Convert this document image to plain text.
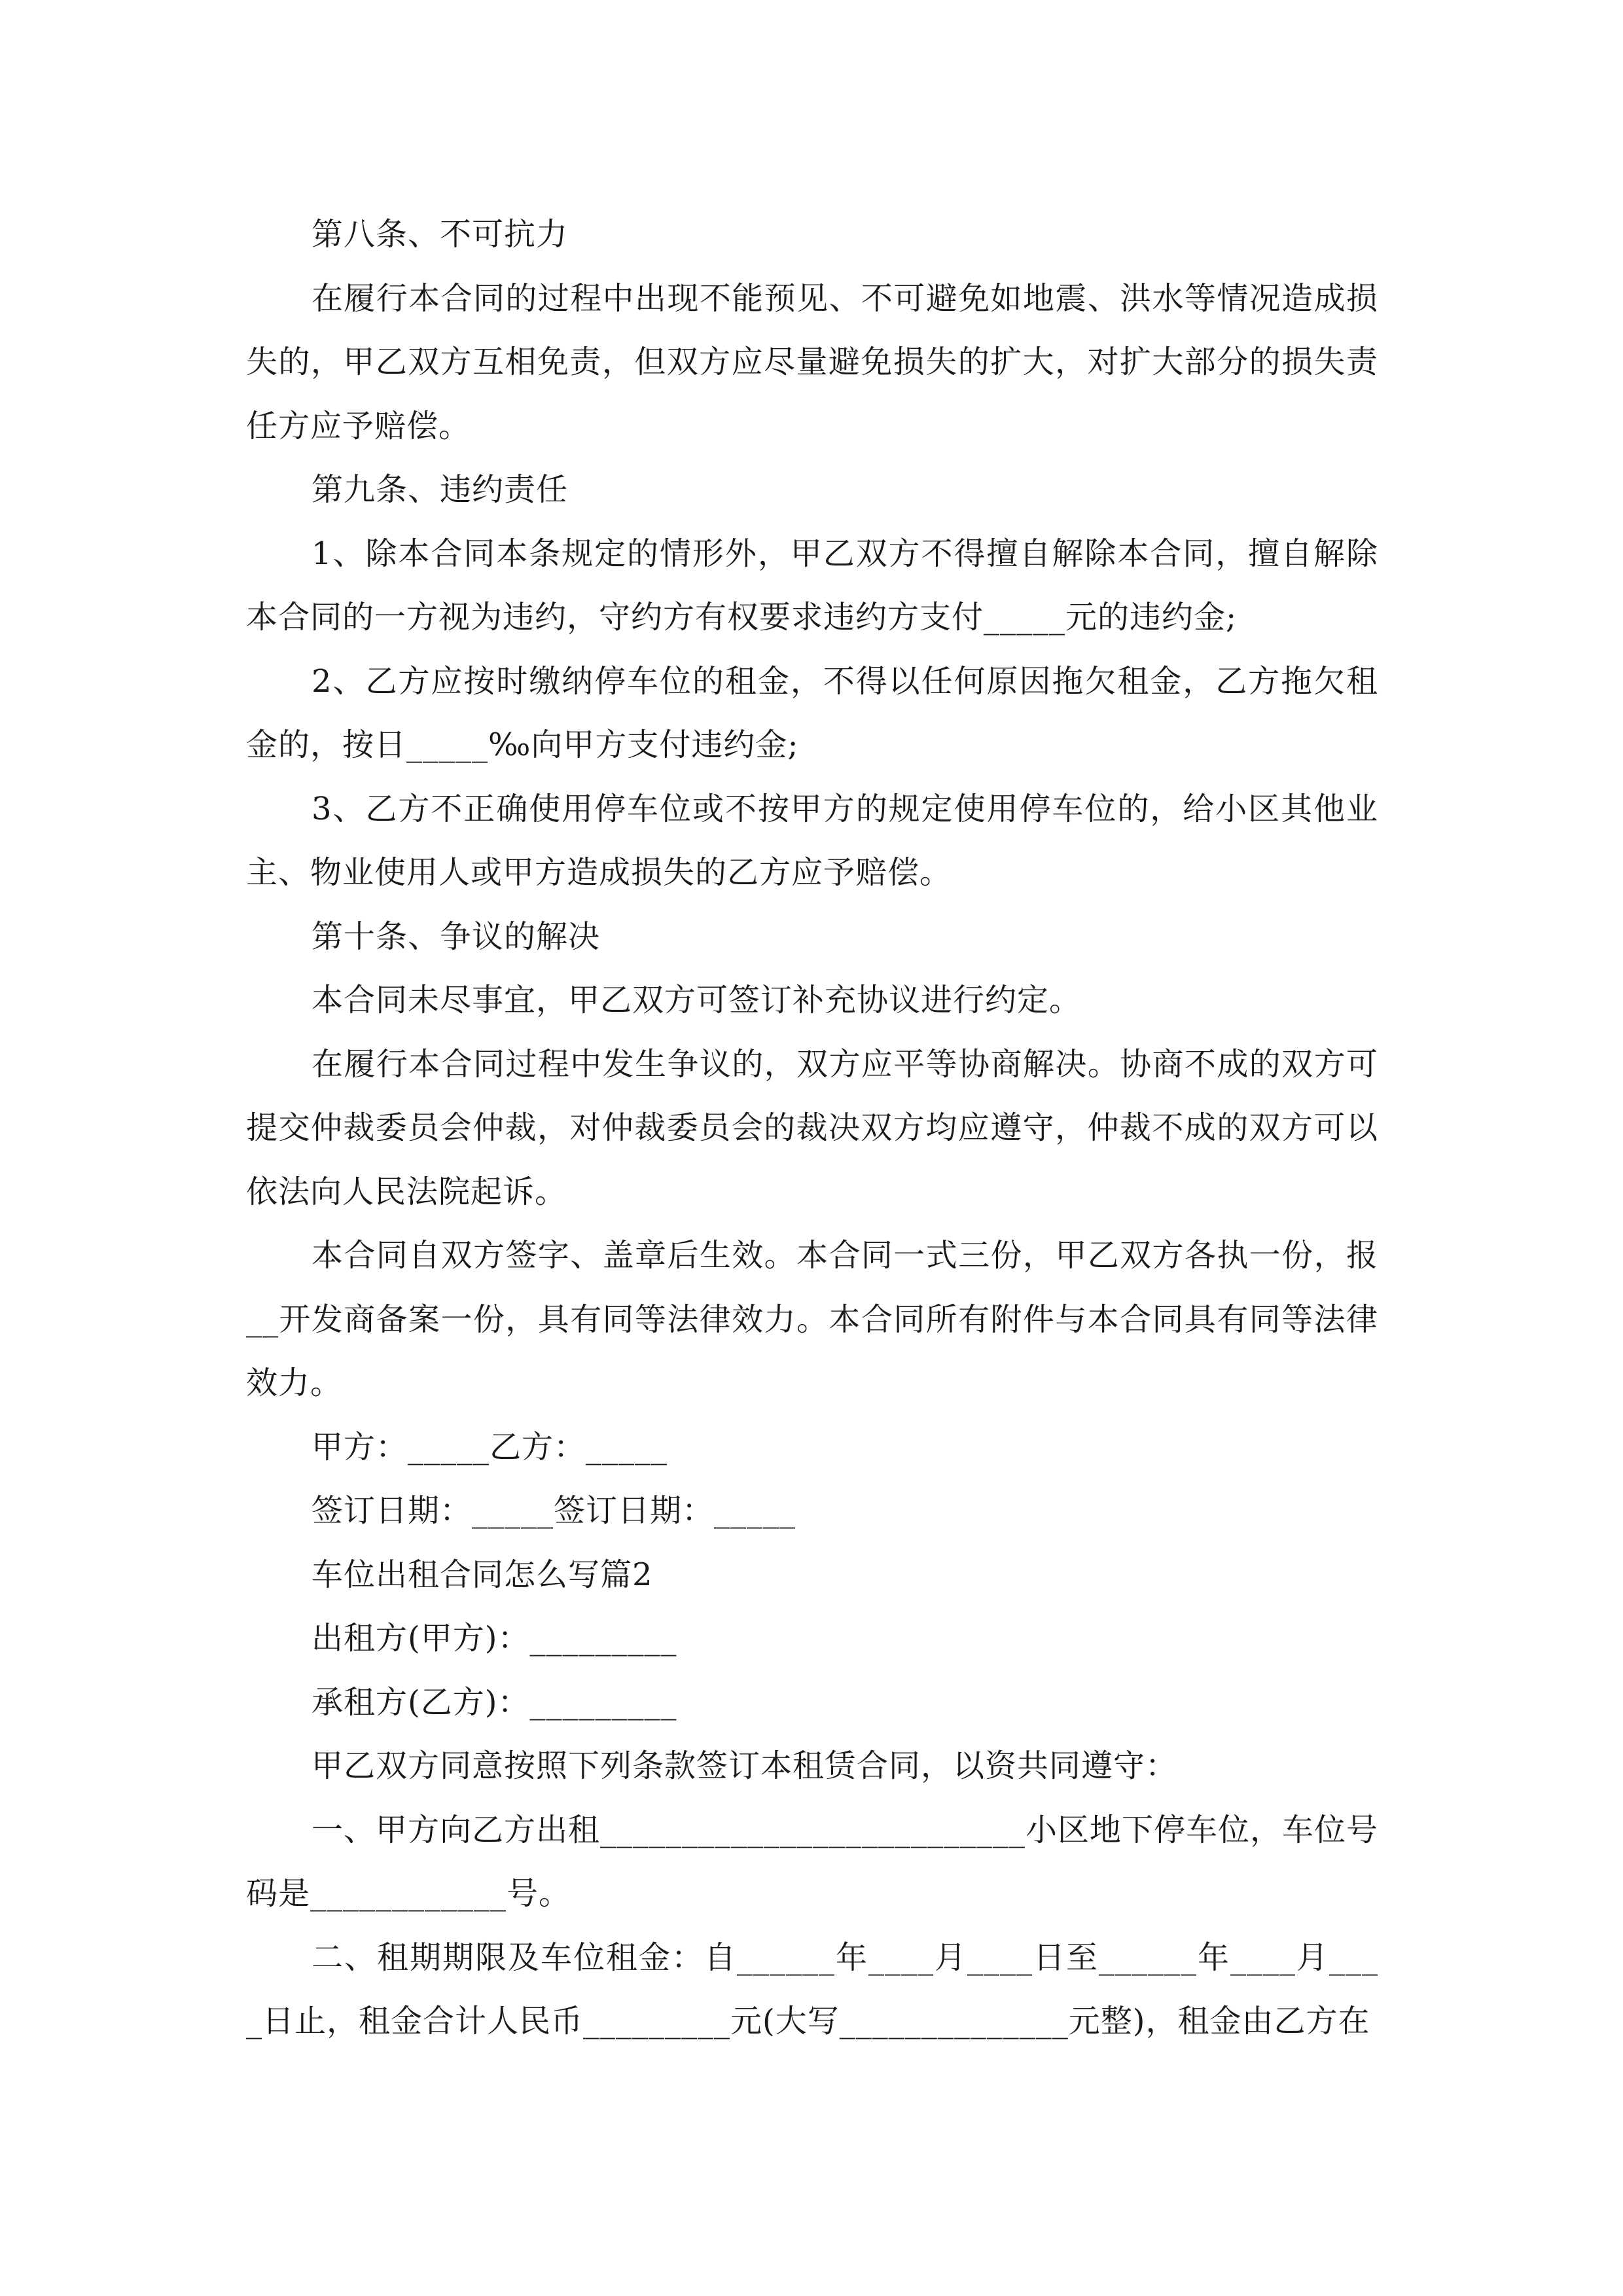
第八条、不可抗力

在履行本合同的过程中出现不能预见、不可避免如地震、洪水等情况造成损失的，甲乙双方互相免责，但双方应尽量避免损失的扩大，对扩大部分的损失责任方应予赔偿。

第九条、违约责任

1、除本合同本条规定的情形外，甲乙双方不得擅自解除本合同，擅自解除本合同的一方视为违约，守约方有权要求违约方支付_____元的违约金;

2、乙方应按时缴纳停车位的租金，不得以任何原因拖欠租金，乙方拖欠租金的，按日_____‰向甲方支付违约金;

3、乙方不正确使用停车位或不按甲方的规定使用停车位的，给小区其他业主、物业使用人或甲方造成损失的乙方应予赔偿。

第十条、争议的解决

本合同未尽事宜，甲乙双方可签订补充协议进行约定。

在履行本合同过程中发生争议的，双方应平等协商解决。协商不成的双方可提交仲裁委员会仲裁，对仲裁委员会的裁决双方均应遵守，仲裁不成的双方可以依法向人民法院起诉。

本合同自双方签字、盖章后生效。本合同一式三份，甲乙双方各执一份，报__开发商备案一份，具有同等法律效力。本合同所有附件与本合同具有同等法律效力。

甲方：_____乙方：_____

签订日期：_____签订日期：_____

车位出租合同怎么写篇2

出租方(甲方)：_________

承租方(乙方)：_________

甲乙双方同意按照下列条款签订本租赁合同，以资共同遵守：

一、甲方向乙方出租__________________________小区地下停车位，车位号码是____________号。

二、租期期限及车位租金：自______年____月____日至______年____月____日止，租金合计人民币_________元(大写______________元整)，租金由乙方在
